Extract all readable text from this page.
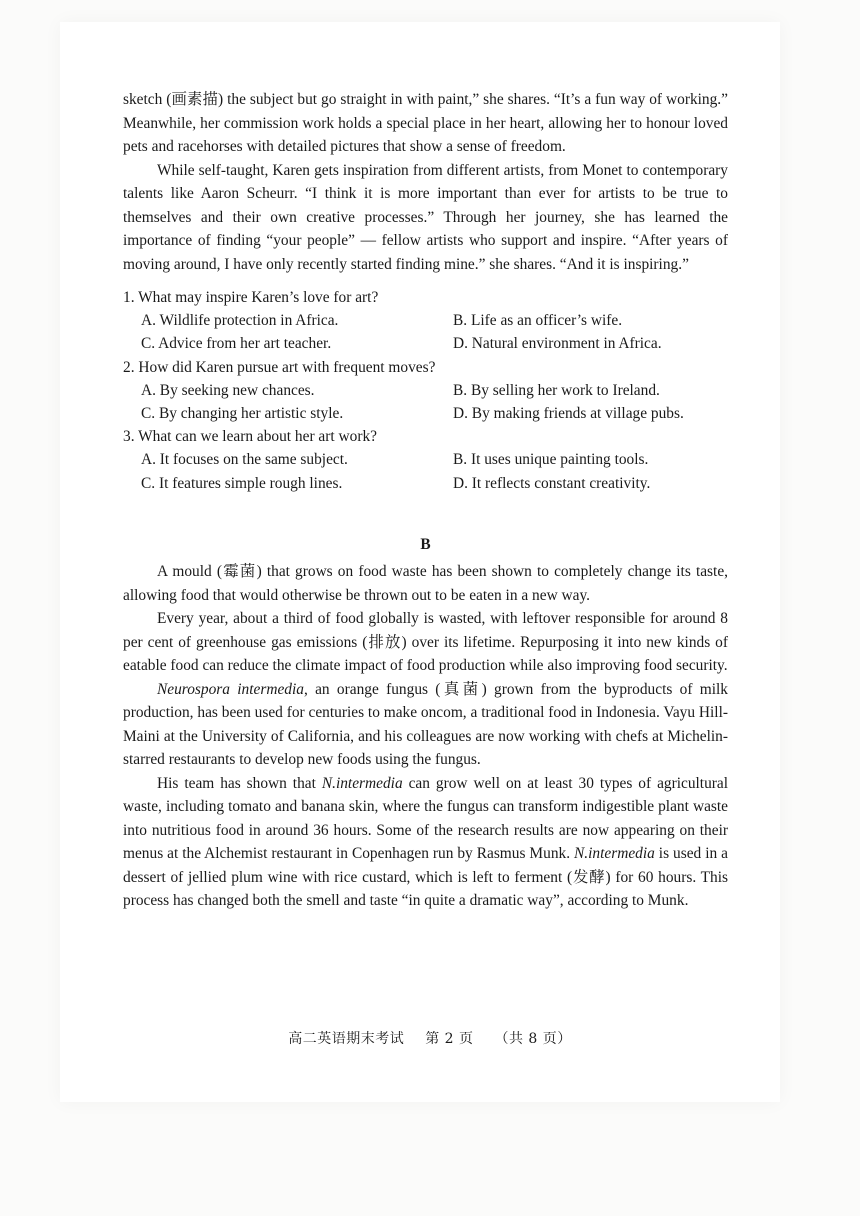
sketch (画素描) the subject but go straight in with paint,” she shares. “It’s a fun way of working.” Meanwhile, her commission work holds a special place in her heart, allowing her to honour loved pets and racehorses with detailed pictures that show a sense of freedom.

While self-taught, Karen gets inspiration from different artists, from Monet to contemporary talents like Aaron Scheurr. “I think it is more important than ever for artists to be true to themselves and their own creative processes.” Through her journey, she has learned the importance of finding “your people” — fellow artists who support and inspire. “After years of moving around, I have only recently started finding mine.” she shares. “And it is inspiring.”

1. What may inspire Karen’s love for art?

A. Wildlife protection in Africa.	B. Life as an officer’s wife.
C. Advice from her art teacher.	D. Natural environment in Africa.

2. How did Karen pursue art with frequent moves?

A. By seeking new chances.	B. By selling her work to Ireland.
C. By changing her artistic style.	D. By making friends at village pubs.

3. What can we learn about her art work?

A. It focuses on the same subject.	B. It uses unique painting tools.
C. It features simple rough lines.	D. It reflects constant creativity.
B

A mould (霉菌) that grows on food waste has been shown to completely change its taste, allowing food that would otherwise be thrown out to be eaten in a new way.

Every year, about a third of food globally is wasted, with leftover responsible for around 8 per cent of greenhouse gas emissions (排放) over its lifetime. Repurposing it into new kinds of eatable food can reduce the climate impact of food production while also improving food security.

Neurospora intermedia, an orange fungus (真菌) grown from the byproducts of milk production, has been used for centuries to make oncom, a traditional food in Indonesia. Vayu Hill-Maini at the University of California, and his colleagues are now working with chefs at Michelin-starred restaurants to develop new foods using the fungus.

His team has shown that N.intermedia can grow well on at least 30 types of agricultural waste, including tomato and banana skin, where the fungus can transform indigestible plant waste into nutritious food in around 36 hours. Some of the research results are now appearing on their menus at the Alchemist restaurant in Copenhagen run by Rasmus Munk. N.intermedia is used in a dessert of jellied plum wine with rice custard, which is left to ferment (发酵) for 60 hours. This process has changed both the smell and taste “in quite a dramatic way”, according to Munk.

高二英语期末考试 第 2 页 （共 8 页）
